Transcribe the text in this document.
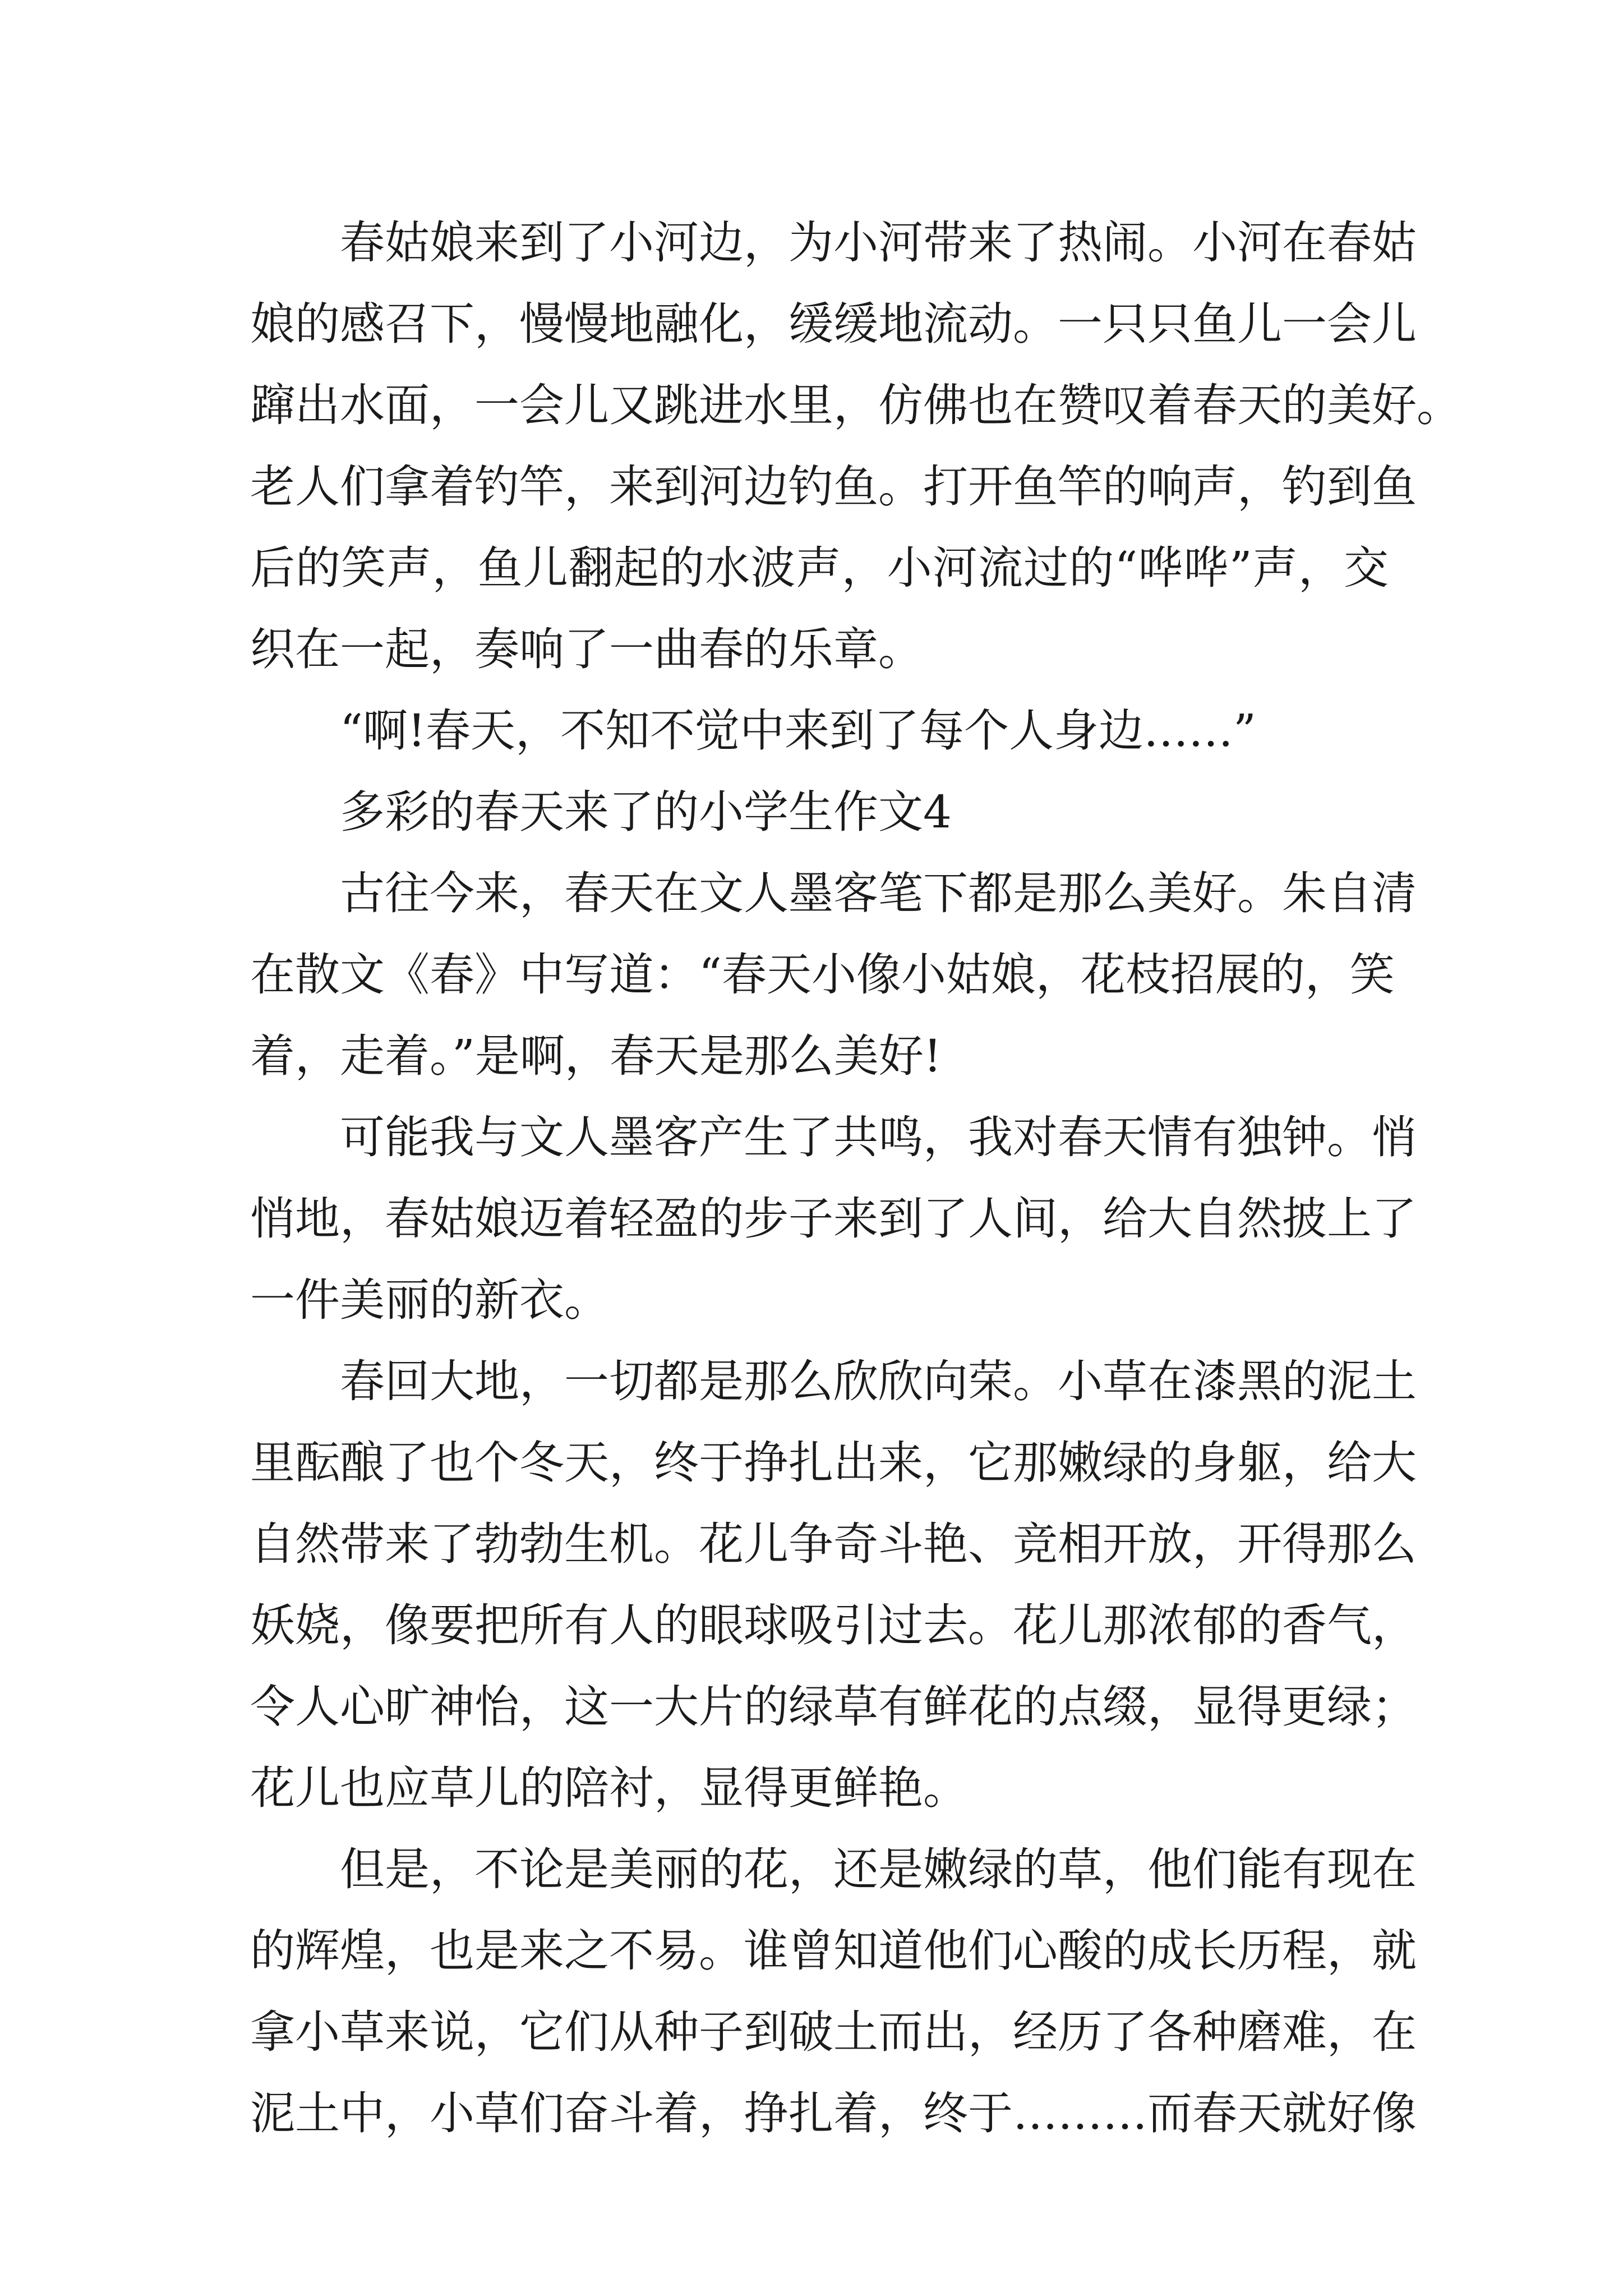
春姑娘来到了小河边，为小河带来了热闹。小河在春姑
娘的感召下，慢慢地融化，缓缓地流动。一只只鱼儿一会儿
蹿出水面，一会儿又跳进水里，仿佛也在赞叹着春天的美好。
老人们拿着钓竿，来到河边钓鱼。打开鱼竿的响声，钓到鱼
后的笑声，鱼儿翻起的水波声，小河流过的“哗哗”声，交
织在一起，奏响了一曲春的乐章。
“啊!春天，不知不觉中来到了每个人身边……”
多彩的春天来了的小学生作文4
古往今来，春天在文人墨客笔下都是那么美好。朱自清
在散文《春》中写道：“春天小像小姑娘，花枝招展的，笑
着，走着。”是啊，春天是那么美好!
可能我与文人墨客产生了共鸣，我对春天情有独钟。悄
悄地，春姑娘迈着轻盈的步子来到了人间，给大自然披上了
一件美丽的新衣。
春回大地，一切都是那么欣欣向荣。小草在漆黑的泥土
里酝酿了也个冬天，终于挣扎出来，它那嫩绿的身躯，给大
自然带来了勃勃生机。花儿争奇斗艳、竞相开放，开得那么
妖娆，像要把所有人的眼球吸引过去。花儿那浓郁的香气，
令人心旷神怡，这一大片的绿草有鲜花的点缀，显得更绿；
花儿也应草儿的陪衬，显得更鲜艳。
但是，不论是美丽的花，还是嫩绿的草，他们能有现在
的辉煌，也是来之不易。谁曾知道他们心酸的成长历程，就
拿小草来说，它们从种子到破土而出，经历了各种磨难，在
泥土中，小草们奋斗着，挣扎着，终于………而春天就好像
